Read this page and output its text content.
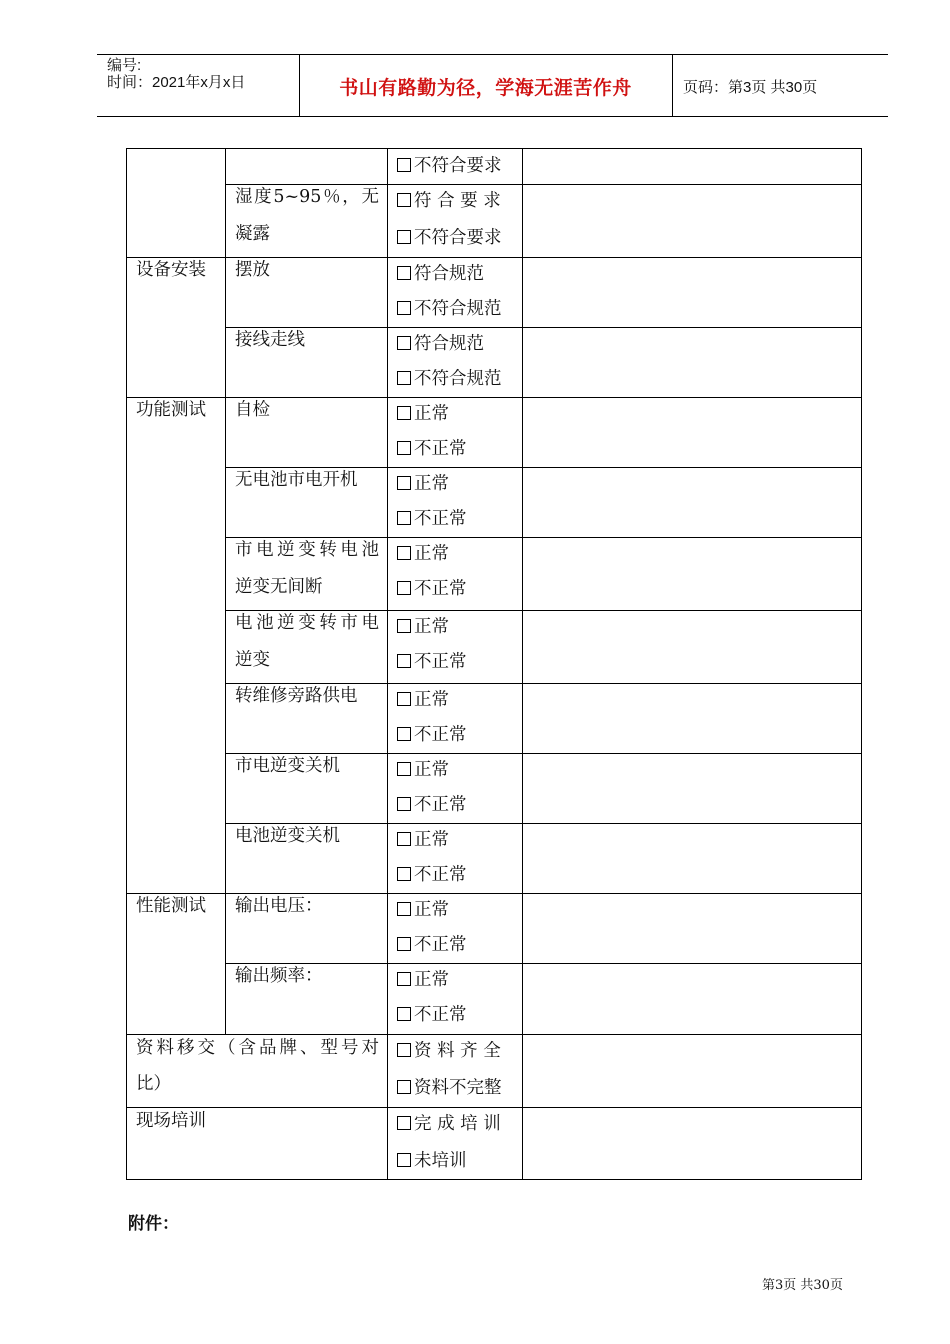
编号:
时间：2021年x月x日	书山有路勤为径，学海无涯苦作舟	页码：第3页 共30页
设备安装
功能测试
性能测试
资料移交（含品牌、型号对
比）
现场培训
湿度5~95％，无
凝露
摆放
接线走线
自检
无电池市电开机
市电逆变转电池
逆变无间断
电池逆变转市电
逆变
转维修旁路供电
市电逆变关机
电池逆变关机
输出电压：
输出频率：
不符合要求
符 合 要 求
不符合要求
符合规范
不符合规范
符合规范
不符合规范
正常
不正常
正常
不正常
正常
不正常
正常
不正常
正常
不正常
正常
不正常
正常
不正常
正常
不正常
正常
不正常
资 料 齐 全
资料不完整
完 成 培 训
未培训
附件：
第3页 共30页
